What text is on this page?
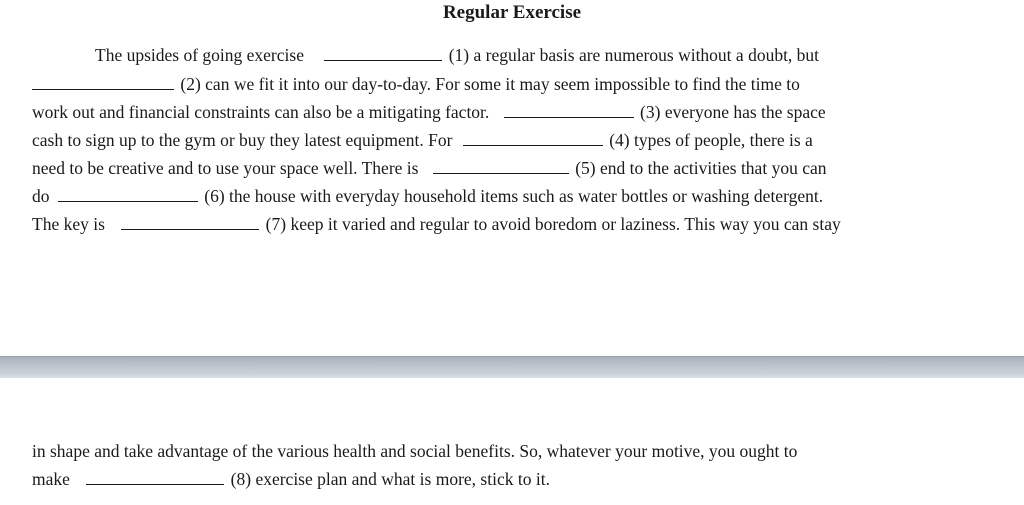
Regular Exercise
The upsides of going exercise	(1) a regular basis are numerous without a doubt, but
(2) can we fit it into our day-to-day. For some it may seem impossible to find the time to
work out and financial constraints can also be a mitigating factor.	(3) everyone has the space
cash to sign up to the gym or buy they latest equipment. For	(4) types of people, there is a
need to be creative and to use your space well. There is	(5) end to the activities that you can
do	(6) the house with everyday household items such as water bottles or washing detergent.
The key is	(7) keep it varied and regular to avoid boredom or laziness. This way you can stay
in shape and take advantage of the various health and social benefits. So, whatever your motive, you ought to
make	(8) exercise plan and what is more, stick to it.
